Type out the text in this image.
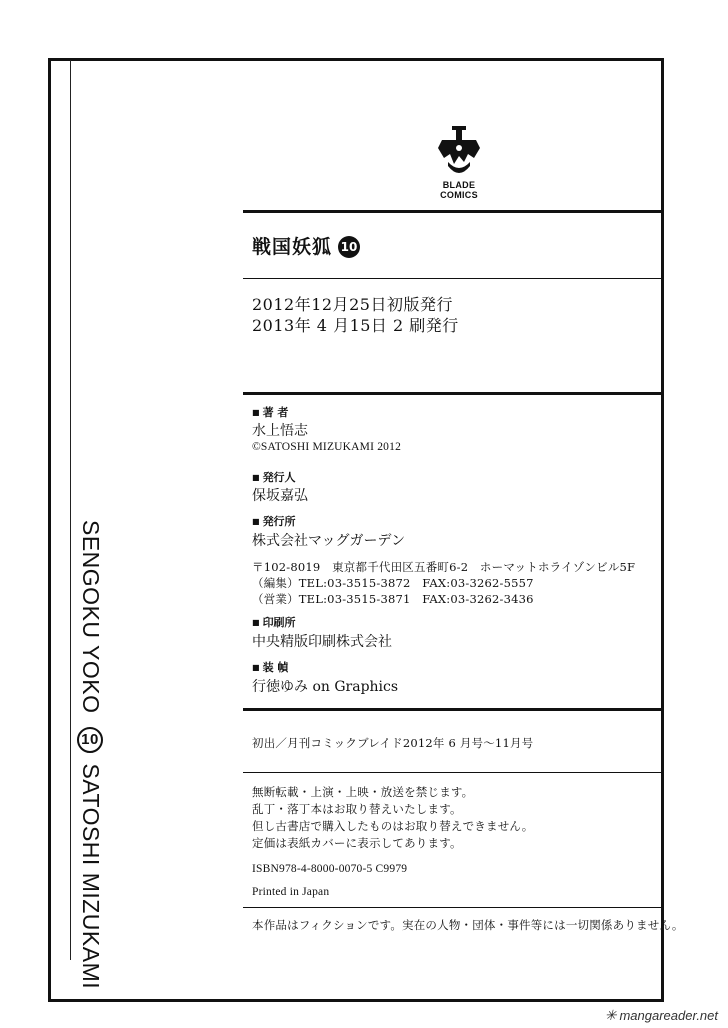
SENGOKU YOKO
10
SATOSHI MIZUKAMI
BLADE
COMICS
戦国妖狐 10
2012年12月25日初版発行
2013年 4 月15日 2 刷発行
■ 著 者
水上悟志
©SATOSHI MIZUKAMI 2012
■ 発行人
保坂嘉弘
■ 発行所
株式会社マッグガーデン
〒102-8019　東京都千代田区五番町6-2　ホーマットホライゾンビル5F
（編集）TEL:03-3515-3872　FAX:03-3262-5557
（営業）TEL:03-3515-3871　FAX:03-3262-3436
■ 印刷所
中央精版印刷株式会社
■ 装 幀
行徳ゆみ on Graphics
初出／月刊コミックブレイド2012年 6 月号〜11月号
無断転載・上演・上映・放送を禁じます。
乱丁・落丁本はお取り替えいたします。
但し古書店で購入したものはお取り替えできません。
定価は表紙カバーに表示してあります。
ISBN978-4-8000-0070-5 C9979
Printed in Japan
本作品はフィクションです。実在の人物・団体・事件等には一切関係ありません。
✳ mangareader.net
